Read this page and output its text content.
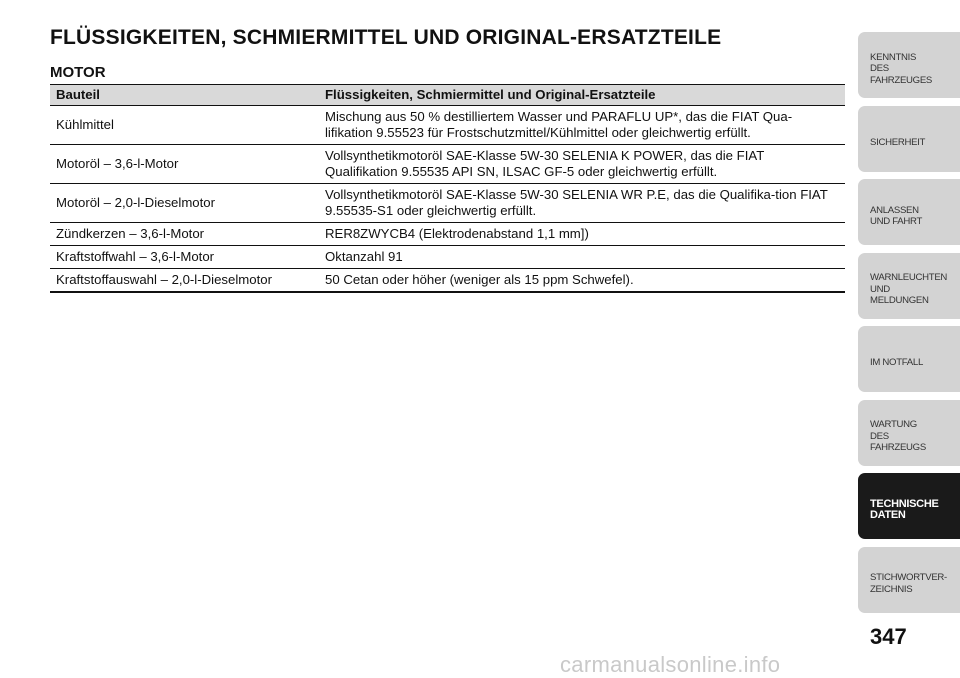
FLÜSSIGKEITEN, SCHMIERMITTEL UND ORIGINAL-ERSATZTEILE
MOTOR
Bauteil	Flüssigkeiten, Schmiermittel und Original-Ersatzteile
Kühlmittel	Mischung aus 50 % destilliertem Wasser und PARAFLU UP*, das die FIAT Qua-lifikation 9.55523 für Frostschutzmittel/Kühlmittel oder gleichwertig erfüllt.
Motoröl – 3,6-l-Motor	Vollsynthetikmotoröl SAE-Klasse 5W-30 SELENIA K POWER, das die FIAT Qualifikation 9.55535 API SN, ILSAC GF-5 oder gleichwertig erfüllt.
Motoröl – 2,0-l-Dieselmotor	Vollsynthetikmotoröl SAE-Klasse 5W-30 SELENIA WR P.E, das die Qualifika-tion FIAT 9.55535-S1 oder gleichwertig erfüllt.
Zündkerzen – 3,6-l-Motor	RER8ZWYCB4 (Elektrodenabstand 1,1 mm])
Kraftstoffwahl – 3,6-l-Motor	Oktanzahl 91
Kraftstoffauswahl – 2,0-l-Dieselmotor	50 Cetan oder höher (weniger als 15 ppm Schwefel).
KENNTNIS
DES
FAHRZEUGES
SICHERHEIT
ANLASSEN
UND FAHRT
WARNLEUCHTEN
UND
MELDUNGEN
IM NOTFALL
WARTUNG
DES
FAHRZEUGS
TECHNISCHE
DATEN
STICHWORTVER-
ZEICHNIS
347
carmanualsonline.info
